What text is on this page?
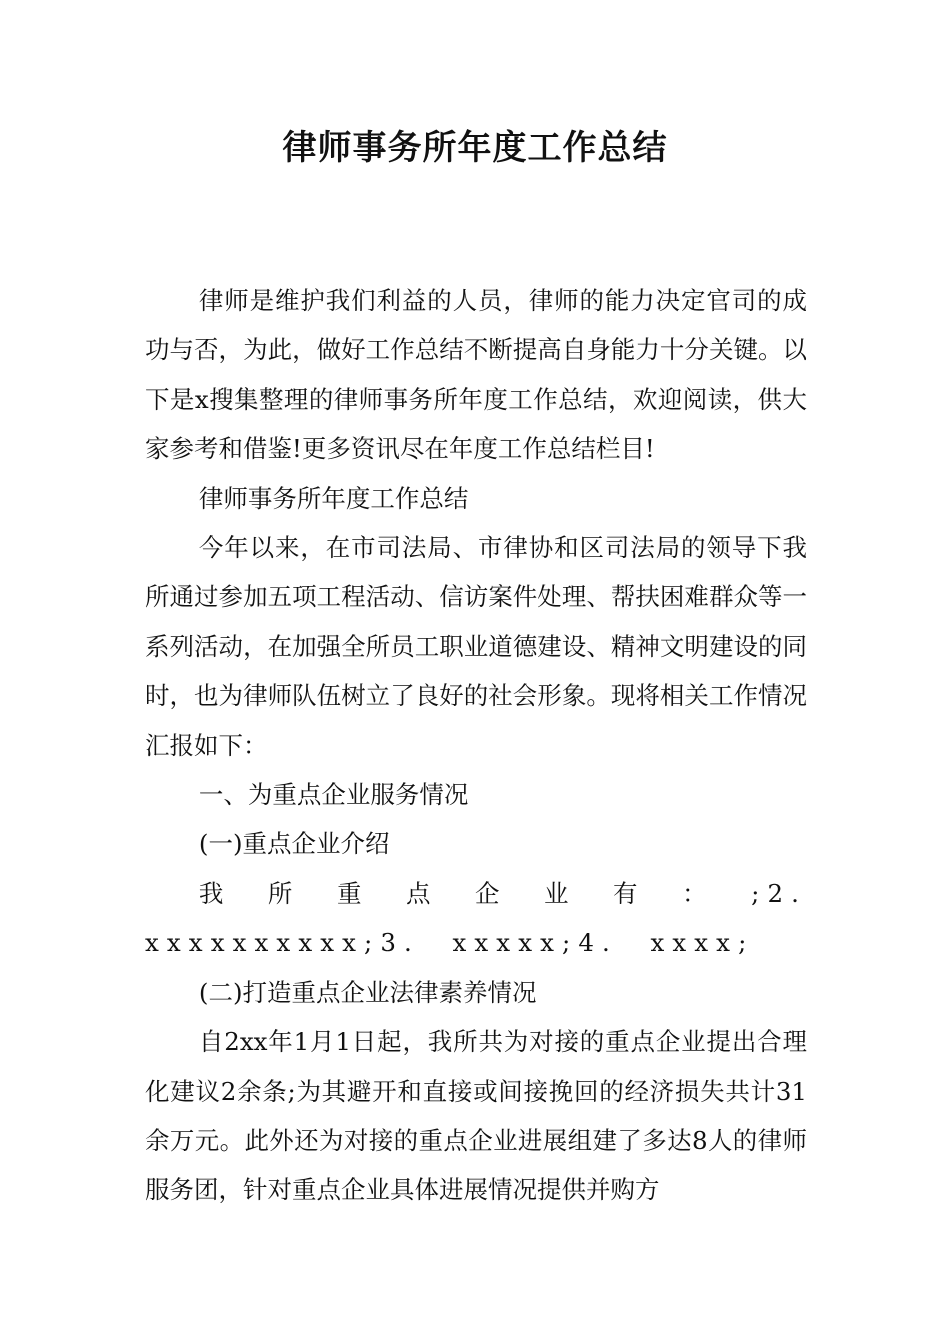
律师事务所年度工作总结

律师是维护我们利益的人员，律师的能力决定官司的成功与否，为此，做好工作总结不断提高自身能力十分关键。以下是x搜集整理的律师事务所年度工作总结，欢迎阅读，供大家参考和借鉴!更多资讯尽在年度工作总结栏目!

律师事务所年度工作总结

今年以来，在市司法局、市律协和区司法局的领导下我所通过参加五项工程活动、信访案件处理、帮扶困难群众等一系列活动，在加强全所员工职业道德建设、精神文明建设的同时，也为律师队伍树立了良好的社会形象。现将相关工作情况汇报如下：

一、为重点企业服务情况

(一)重点企业介绍

我所重点企业有：;2.　xxxxxxxxxx;3.　xxxxx;4.　xxxx;

(二)打造重点企业法律素养情况

自2xx年1月1日起，我所共为对接的重点企业提出合理化建议2余条;为其避开和直接或间接挽回的经济损失共计31余万元。此外还为对接的重点企业进展组建了多达8人的律师服务团，针对重点企业具体进展情况提供并购方
